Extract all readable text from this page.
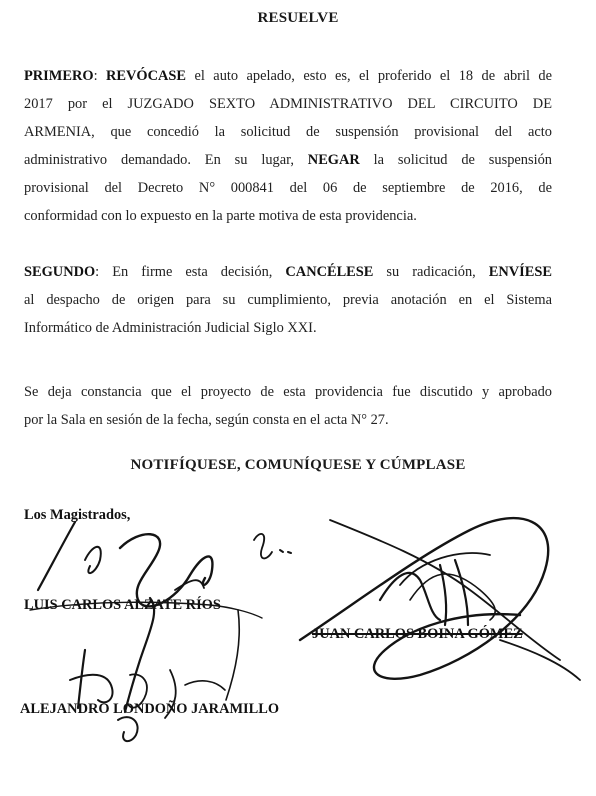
RESUELVE

PRIMERO: REVÓCASE el auto apelado, esto es, el proferido el 18 de abril de
2017 por el JUZGADO SEXTO ADMINISTRATIVO DEL CIRCUITO DE
ARMENIA, que concedió la solicitud de suspensión provisional del acto
administrativo demandado. En su lugar, NEGAR la solicitud de suspensión
provisional del Decreto N° 000841 del 06 de septiembre de 2016, de
conformidad con lo expuesto en la parte motiva de esta providencia.

SEGUNDO: En firme esta decisión, CANCÉLESE su radicación, ENVÍESE
al despacho de origen para su cumplimiento, previa anotación en el Sistema
Informático de Administración Judicial Siglo XXI.

Se deja constancia que el proyecto de esta providencia fue discutido y aprobado
por la Sala en sesión de la fecha, según consta en el acta N° 27.

NOTIFÍQUESE, COMUNÍQUESE Y CÚMPLASE
Los Magistrados,
LUIS CARLOS ALZATE RÍOS
JUAN CARLOS BOINA GÓMEZ
ALEJANDRO LONDOÑO JARAMILLO
